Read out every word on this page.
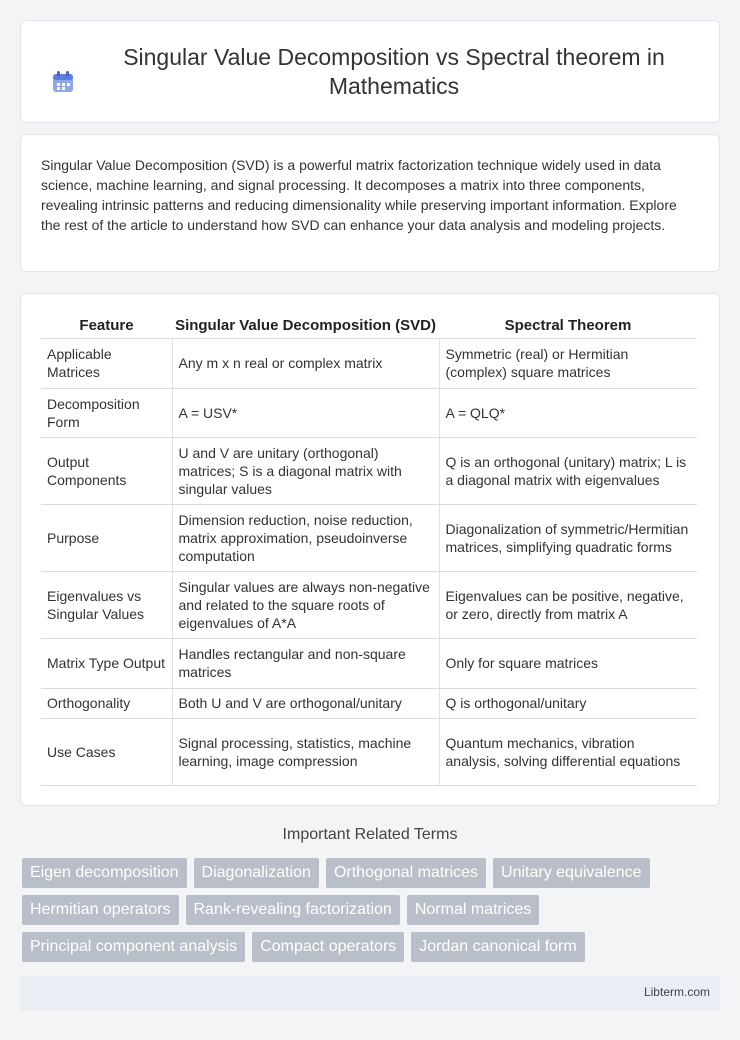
Singular Value Decomposition vs Spectral theorem in Mathematics

Singular Value Decomposition (SVD) is a powerful matrix factorization technique widely used in data science, machine learning, and signal processing. It decomposes a matrix into three components, revealing intrinsic patterns and reducing dimensionality while preserving important information. Explore the rest of the article to understand how SVD can enhance your data analysis and modeling projects.

Feature	Singular Value Decomposition (SVD)	Spectral Theorem
Applicable Matrices	Any m x n real or complex matrix	Symmetric (real) or Hermitian (complex) square matrices
Decomposition Form	A = USV*	A = QLQ*
Output Components	U and V are unitary (orthogonal) matrices; S is a diagonal matrix with singular values	Q is an orthogonal (unitary) matrix; L is a diagonal matrix with eigenvalues
Purpose	Dimension reduction, noise reduction, matrix approximation, pseudoinverse computation	Diagonalization of symmetric/Hermitian matrices, simplifying quadratic forms
Eigenvalues vs Singular Values	Singular values are always non-negative and related to the square roots of eigenvalues of A*A	Eigenvalues can be positive, negative, or zero, directly from matrix A
Matrix Type Output	Handles rectangular and non-square matrices	Only for square matrices
Orthogonality	Both U and V are orthogonal/unitary	Q is orthogonal/unitary
Use Cases	Signal processing, statistics, machine learning, image compression	Quantum mechanics, vibration analysis, solving differential equations
Important Related Terms
Eigen decomposition	Diagonalization	Orthogonal matrices	Unitary equivalence
Hermitian operators	Rank-revealing factorization	Normal matrices
Principal component analysis	Compact operators	Jordan canonical form
Libterm.com
